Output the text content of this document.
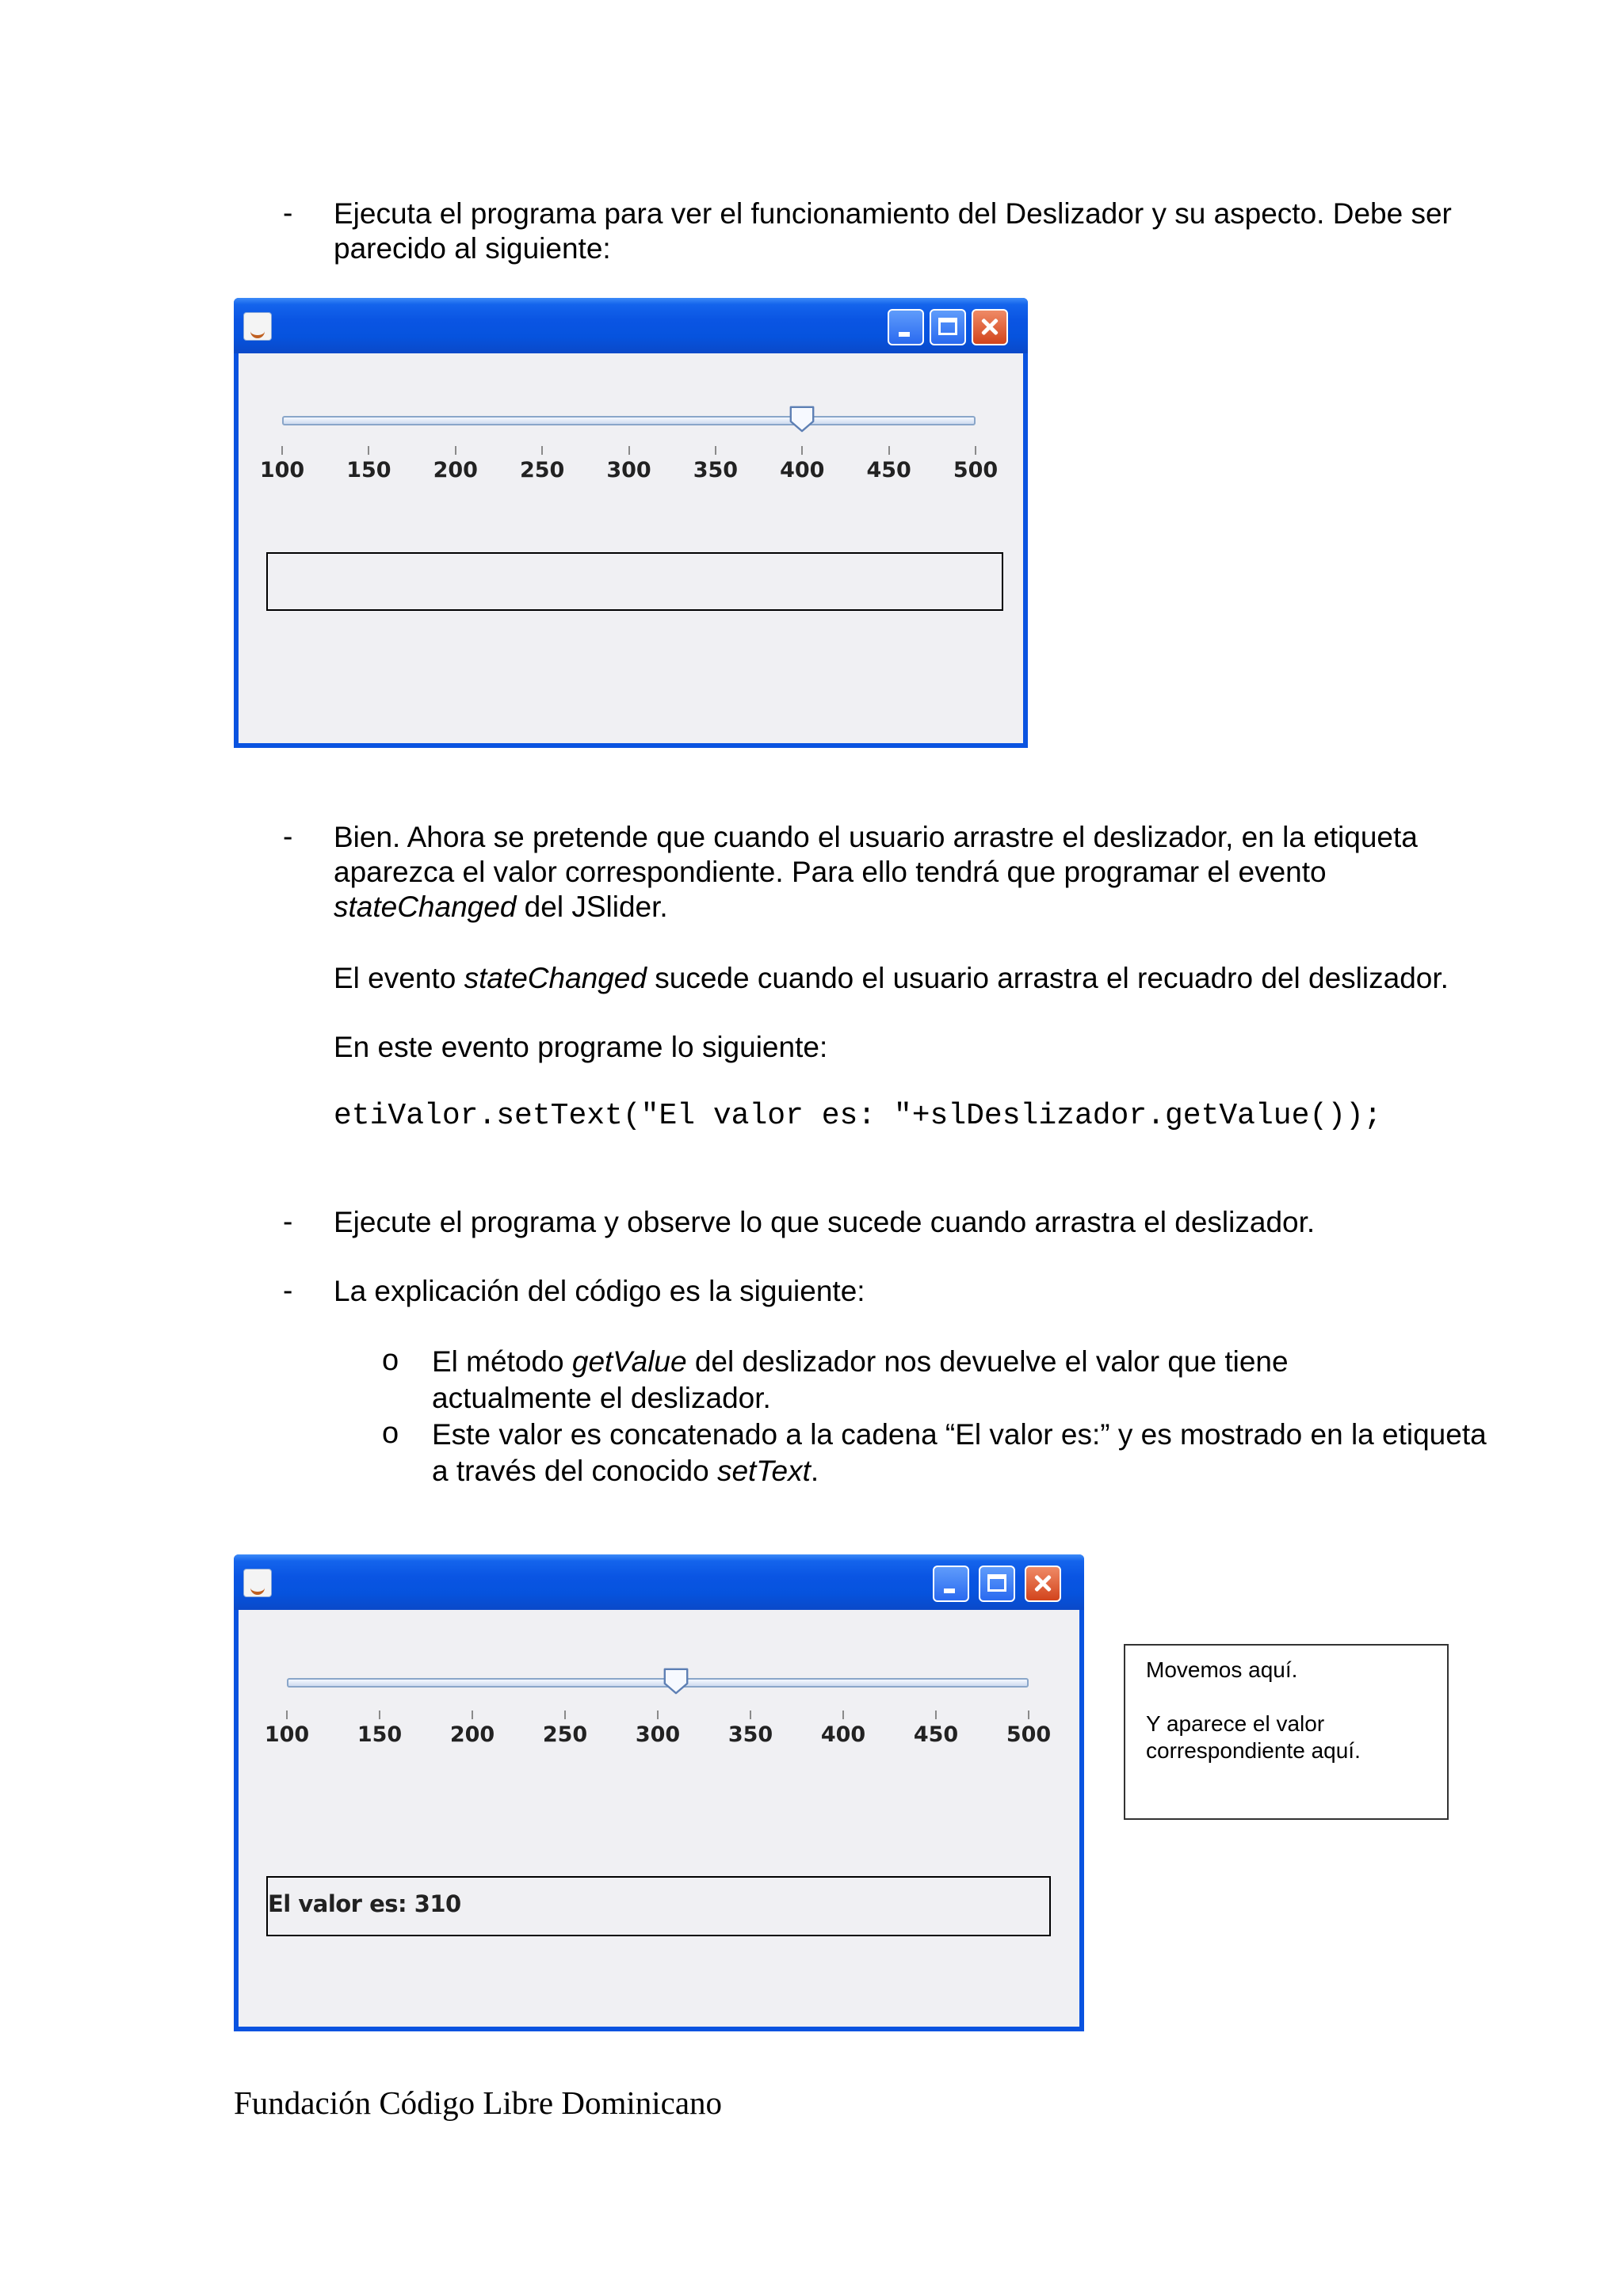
- Ejecuta el programa para ver el funcionamiento del Deslizador y su aspecto. Debe ser parecido al siguiente:

100 150 200 250 300 350 400 450 500
- Bien. Ahora se pretende que cuando el usuario arrastre el deslizador, en la etiqueta aparezca el valor correspondiente. Para ello tendrá que programar el evento stateChanged del JSlider.

El evento stateChanged sucede cuando el usuario arrastra el recuadro del deslizador.

En este evento programe lo siguiente:

etiValor.setText("El valor es: "+slDeslizador.getValue());
- Ejecute el programa y observe lo que sucede cuando arrastra el deslizador.

- La explicación del código es la siguiente:

o El método getValue del deslizador nos devuelve el valor que tiene actualmente el deslizador.

o Este valor es concatenado a la cadena “El valor es:” y es mostrado en la etiqueta a través del conocido setText.

El valor es: 310
100 150 200 250 300 350 400 450 500

Movemos aquí.

Y aparece el valor correspondiente aquí.

Fundación Código Libre Dominicano
